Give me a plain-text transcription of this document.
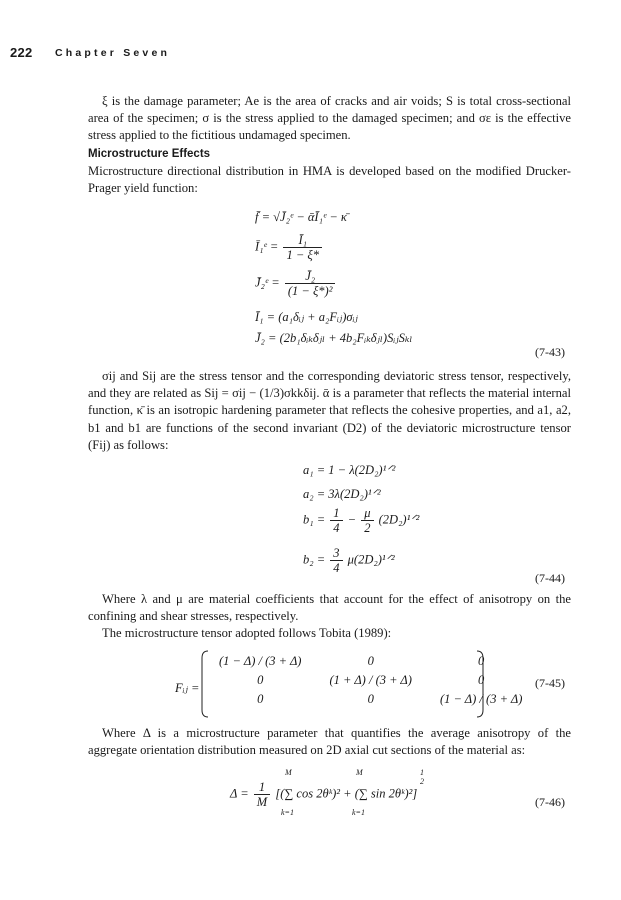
222 Chapter Seven
ξ is the damage parameter; Ae is the area of cracks and air voids; S is total cross-sectional area of the specimen; σ is the stress applied to the damaged specimen; and σε is the effective stress applied to the fictitious undamaged specimen.
Microstructure Effects
Microstructure directional distribution in HMA is developed based on the modified Drucker-Prager yield function:
f̄ = √J̄₂ᵉ − ᾱĪ₁ᵉ − κ̄
Ī₁ᵉ = $\frac{\text{Ī₁}}{1 - \xi*}$
J̄₂ᵉ = $\frac{\text{J̄₂}}{\text{(1 − ξ*)²}}$
Ī₁ = (a₁δᵢⱼ + a₂Fᵢⱼ)σᵢⱼ
J̄₂ = (2b₁δᵢₖδⱼₗ + 4b₂Fᵢₖδⱼₗ)SᵢⱼSₖₗ
(7-43)
σij and Sij are the stress tensor and the corresponding deviatoric stress tensor, respectively, and they are related as Sij = σij − (1/3)σkkδij. ᾱ is a parameter that reflects the material internal function, κ̄ is an isotropic hardening parameter that reflects the cohesive properties, and a1, a2, b1 and b1 are functions of the second invariant (D2) of the deviatoric microstructure tensor (Fij) as follows:
a₁ = 1 − λ(2D₂)¹ᐟ²
a₂ = 3λ(2D₂)¹ᐟ²
$b_1 = \frac{1}{4} - \frac{\mu}{2}$ (2D₂)¹ᐟ²
$b_2 = \frac{3}{4}$ μ(2D₂)¹ᐟ²
(7-44)
Where λ and μ are material coefficients that account for the effect of anisotropy on the confining and shear stresses, respectively.
The microstructure tensor adopted follows Tobita (1989):
Fᵢⱼ =
(1 − Δ) / (3 + Δ)	0	0
0	(1 + Δ) / (3 + Δ)	0
0	0	(1 − Δ) / (3 + Δ)
(7-45)
Where Δ is a microstructure parameter that quantifies the average anisotropy of the aggregate orientation distribution measured on 2D axial cut sections of the material as:
$\Delta = \frac{1}{M}$ [(∑ cos 2θᵏ)² + (∑ sin 2θᵏ)²]
M
k=1
M
k=1
1
2
(7-46)
